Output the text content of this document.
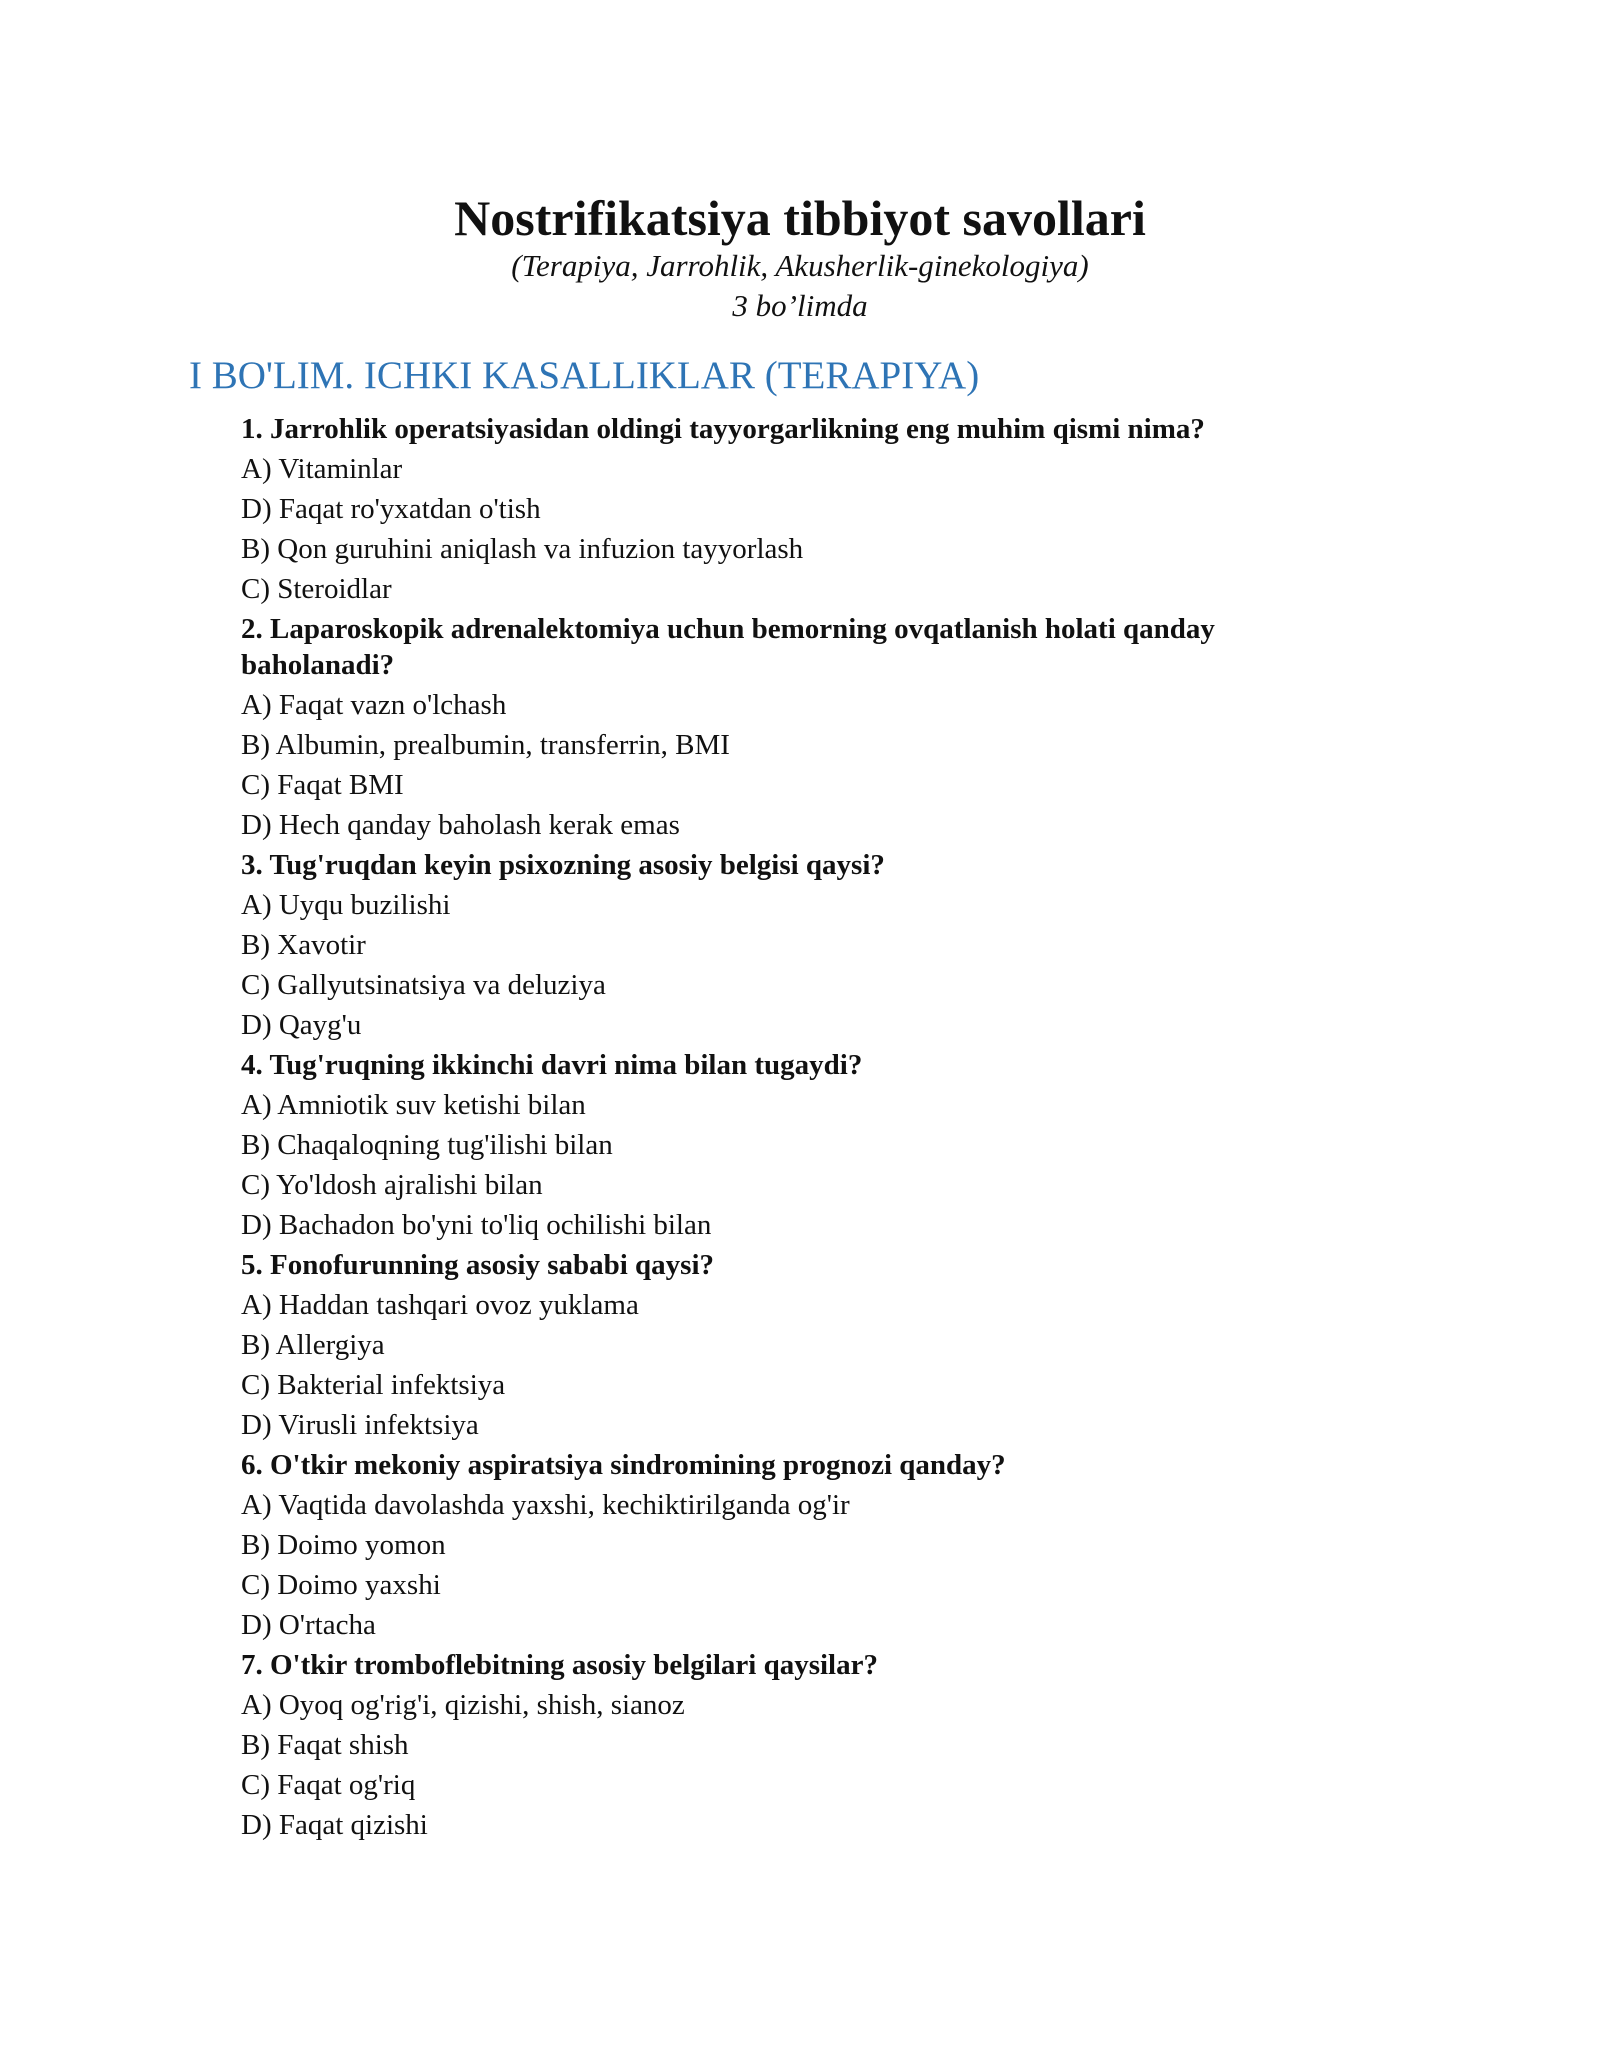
Nostrifikatsiya tibbiyot savollari

(Terapiya, Jarrohlik, Akusherlik-ginekologiya)

3 bo’limda

I BO'LIM. ICHKI KASALLIKLAR (TERAPIYA)
1. Jarrohlik operatsiyasidan oldingi tayyorgarlikning eng muhim qismi nima?
A) Vitaminlar
D) Faqat ro'yxatdan o'tish
B) Qon guruhini aniqlash va infuzion tayyorlash
C) Steroidlar
2. Laparoskopik adrenalektomiya uchun bemorning ovqatlanish holati qanday baholanadi?
A) Faqat vazn o'lchash
B) Albumin, prealbumin, transferrin, BMI
C) Faqat BMI
D) Hech qanday baholash kerak emas
3. Tug'ruqdan keyin psixozning asosiy belgisi qaysi?
A) Uyqu buzilishi
B) Xavotir
C) Gallyutsinatsiya va deluziya
D) Qayg'u
4. Tug'ruqning ikkinchi davri nima bilan tugaydi?
A) Amniotik suv ketishi bilan
B) Chaqaloqning tug'ilishi bilan
C) Yo'ldosh ajralishi bilan
D) Bachadon bo'yni to'liq ochilishi bilan
5. Fonofurunning asosiy sababi qaysi?
A) Haddan tashqari ovoz yuklama
B) Allergiya
C) Bakterial infektsiya
D) Virusli infektsiya
6. O'tkir mekoniy aspiratsiya sindromining prognozi qanday?
A) Vaqtida davolashda yaxshi, kechiktirilganda og'ir
B) Doimo yomon
C) Doimo yaxshi
D) O'rtacha
7. O'tkir tromboflebitning asosiy belgilari qaysilar?
A) Oyoq og'rig'i, qizishi, shish, sianoz
B) Faqat shish
C) Faqat og'riq
D) Faqat qizishi
